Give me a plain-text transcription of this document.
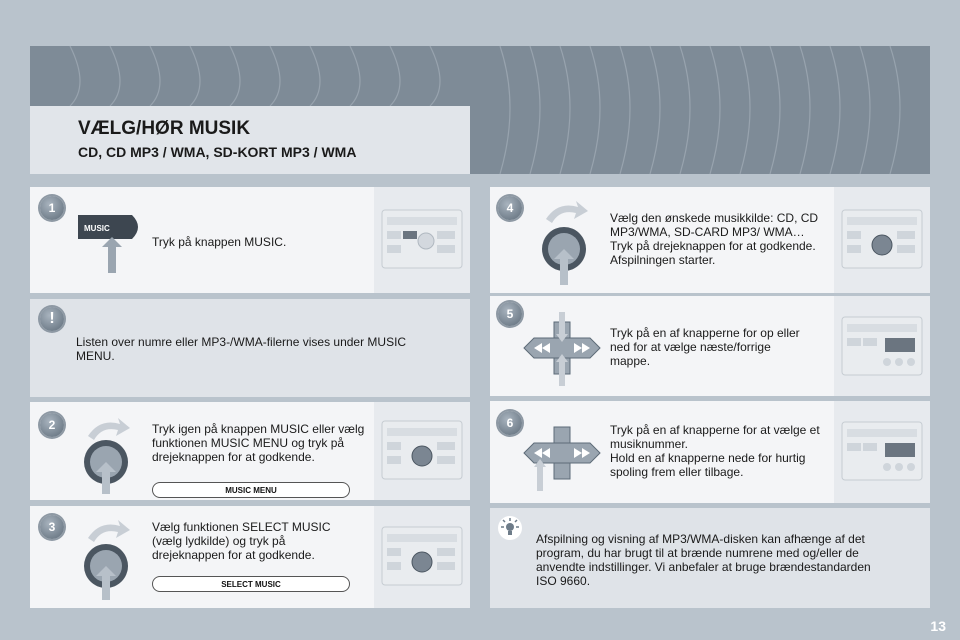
VÆLG/HØR MUSIK
CD, CD MP3 / WMA, SD-KORT MP3 / WMA
1
MUSIC
Tryk på knappen MUSIC.
!
Listen over numre eller MP3-/WMA-filerne vises under MUSIC MENU.
2	Tryk igen på knappen MUSIC eller vælg funktionen MUSIC MENU og tryk på drejeknappen for at godkende.
MUSIC MENU
3	Vælg funktionen SELECT MUSIC (vælg lydkilde) og tryk på drejeknappen for at godkende.
SELECT MUSIC
4
Vælg den ønskede musikkilde: CD, CD MP3/WMA, SD-CARD MP3/ WMA… Tryk på drejeknappen for at godkende. Afspilningen starter.
5
Tryk på en af knapperne for op eller ned for at vælge næste/forrige mappe.
6	Tryk på en af knapperne for at vælge et musiknummer.
Hold en af knapperne nede for hurtig spoling frem eller tilbage.
Afspilning og visning af MP3/WMA-disken kan afhænge af det program, du har brugt til at brænde numrene med og/eller de anvendte indstillinger. Vi anbefaler at bruge brændestandarden ISO 9660.
13
